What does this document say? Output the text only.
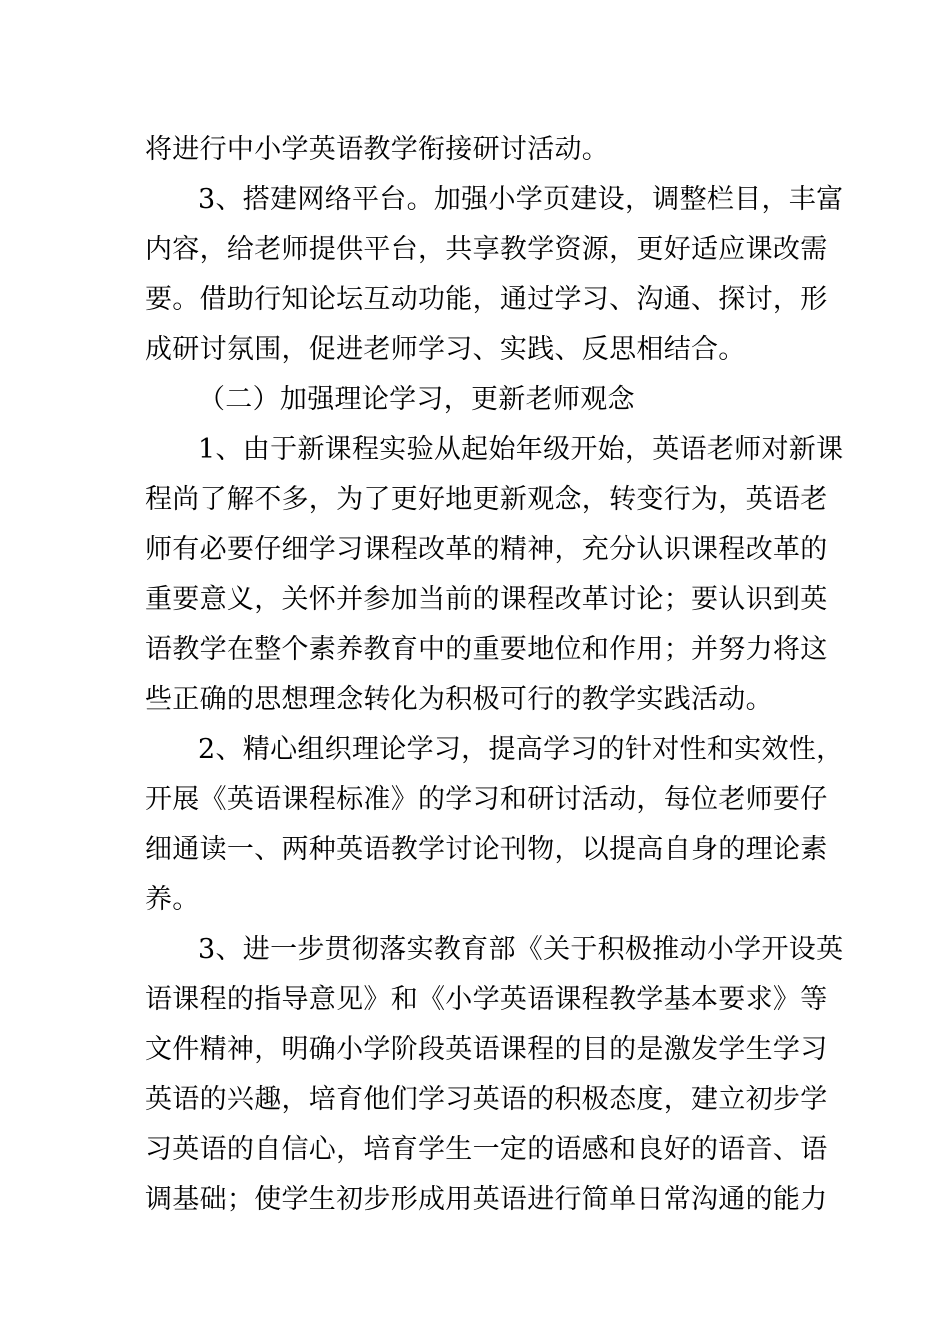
将进行中小学英语教学衔接研讨活动。
3、搭建网络平台。加强小学页建设，调整栏目，丰富
内容，给老师提供平台，共享教学资源，更好适应课改需
要。借助行知论坛互动功能，通过学习、沟通、探讨，形
成研讨氛围，促进老师学习、实践、反思相结合。
（二）加强理论学习，更新老师观念
1、由于新课程实验从起始年级开始，英语老师对新课
程尚了解不多，为了更好地更新观念，转变行为，英语老
师有必要仔细学习课程改革的精神，充分认识课程改革的
重要意义，关怀并参加当前的课程改革讨论；要认识到英
语教学在整个素养教育中的重要地位和作用；并努力将这
些正确的思想理念转化为积极可行的教学实践活动。
2、精心组织理论学习，提高学习的针对性和实效性，
开展《英语课程标准》的学习和研讨活动，每位老师要仔
细通读一、两种英语教学讨论刊物，以提高自身的理论素
养。
3、进一步贯彻落实教育部《关于积极推动小学开设英
语课程的指导意见》和《小学英语课程教学基本要求》等
文件精神，明确小学阶段英语课程的目的是激发学生学习
英语的兴趣，培育他们学习英语的积极态度，建立初步学
习英语的自信心，培育学生一定的语感和良好的语音、语
调基础；使学生初步形成用英语进行简单日常沟通的能力
